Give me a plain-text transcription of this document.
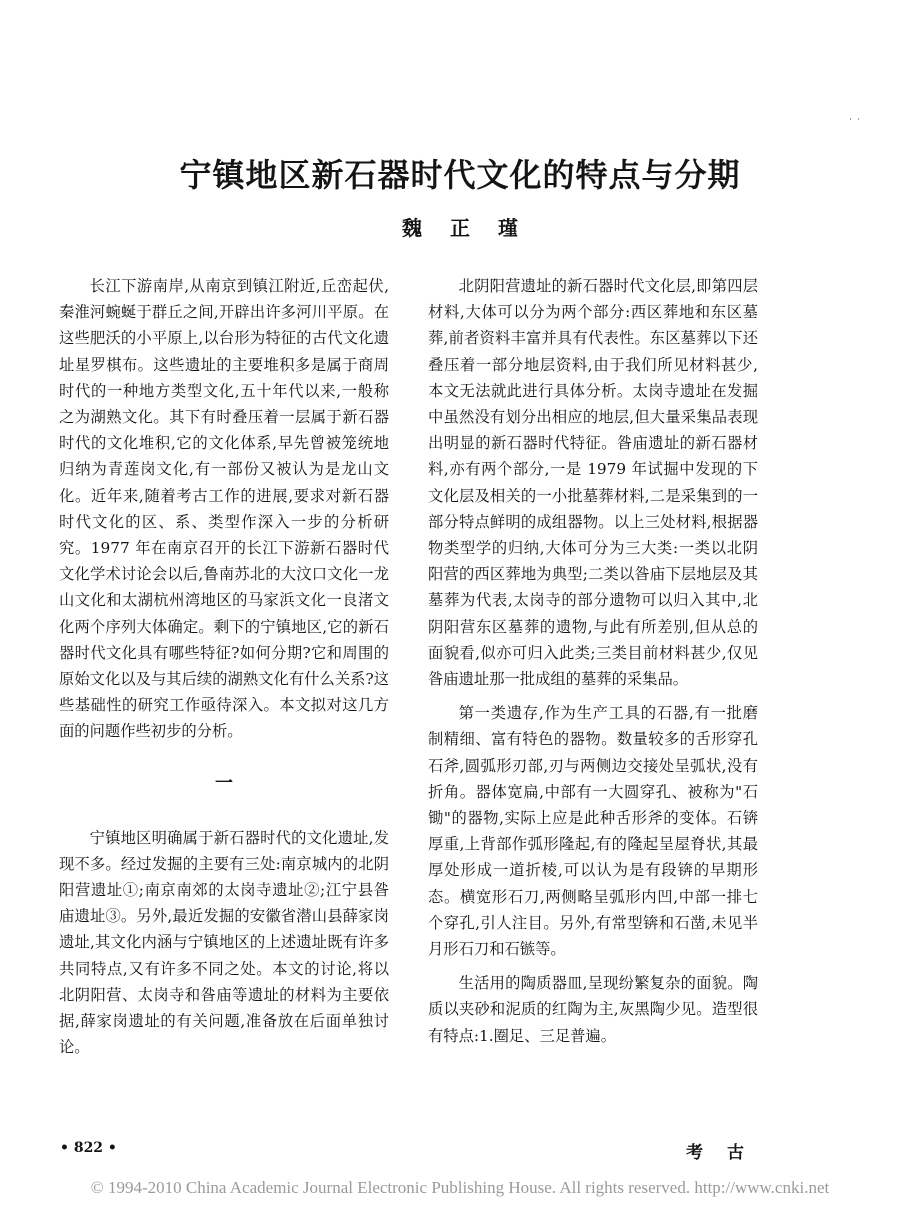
宁镇地区新石器时代文化的特点与分期
魏正瑾

长江下游南岸,从南京到镇江附近,丘峦起伏,秦淮河蜿蜒于群丘之间,开辟出许多河川平原。在这些肥沃的小平原上,以台形为特征的古代文化遗址星罗棋布。这些遗址的主要堆积多是属于商周时代的一种地方类型文化,五十年代以来,一般称之为湖熟文化。其下有时叠压着一层属于新石器时代的文化堆积,它的文化体系,早先曾被笼统地归纳为青莲岗文化,有一部份又被认为是龙山文化。近年来,随着考古工作的进展,要求对新石器时代文化的区、系、类型作深入一步的分析研究。1977 年在南京召开的长江下游新石器时代文化学术讨论会以后,鲁南苏北的大汶口文化一龙山文化和太湖杭州湾地区的马家浜文化一良渚文化两个序列大体确定。剩下的宁镇地区,它的新石器时代文化具有哪些特征?如何分期?它和周围的原始文化以及与其后续的湖熟文化有什么关系?这些基础性的研究工作亟待深入。本文拟对这几方面的问题作些初步的分析。

一

宁镇地区明确属于新石器时代的文化遗址,发现不多。经过发掘的主要有三处:南京城内的北阴阳营遗址①;南京南郊的太岗寺遗址②;江宁县昝庙遗址③。另外,最近发掘的安徽省潜山县薛家岗遗址,其文化内涵与宁镇地区的上述遗址既有许多共同特点,又有许多不同之处。本文的讨论,将以北阴阳营、太岗寺和昝庙等遗址的材料为主要依据,薛家岗遗址的有关问题,准备放在后面单独讨论。

北阴阳营遗址的新石器时代文化层,即第四层材料,大体可以分为两个部分:西区葬地和东区墓葬,前者资料丰富并具有代表性。东区墓葬以下还叠压着一部分地层资料,由于我们所见材料甚少,本文无法就此进行具体分析。太岗寺遗址在发掘中虽然没有划分出相应的地层,但大量采集品表现出明显的新石器时代特征。昝庙遗址的新石器材料,亦有两个部分,一是 1979 年试掘中发现的下文化层及相关的一小批墓葬材料,二是采集到的一部分特点鲜明的成组器物。以上三处材料,根据器物类型学的归纳,大体可分为三大类:一类以北阴阳营的西区葬地为典型;二类以昝庙下层地层及其墓葬为代表,太岗寺的部分遗物可以归入其中,北阴阳营东区墓葬的遗物,与此有所差别,但从总的面貌看,似亦可归入此类;三类目前材料甚少,仅见昝庙遗址那一批成组的墓葬的采集品。

第一类遗存,作为生产工具的石器,有一批磨制精细、富有特色的器物。数量较多的舌形穿孔石斧,圆弧形刃部,刃与两侧边交接处呈弧状,没有折角。器体宽扁,中部有一大圆穿孔、被称为"石锄"的器物,实际上应是此种舌形斧的变体。石锛厚重,上背部作弧形隆起,有的隆起呈屋脊状,其最厚处形成一道折棱,可以认为是有段锛的早期形态。横宽形石刀,两侧略呈弧形内凹,中部一排七个穿孔,引人注目。另外,有常型锛和石凿,未见半月形石刀和石镞等。

生活用的陶质器皿,呈现纷繁复杂的面貌。陶质以夹砂和泥质的红陶为主,灰黑陶少见。造型很有特点:1.圈足、三足普遍。

• 822 •	考古
© 1994-2010 China Academic Journal Electronic Publishing House. All rights reserved. http://www.cnki.net
˙ ˙
